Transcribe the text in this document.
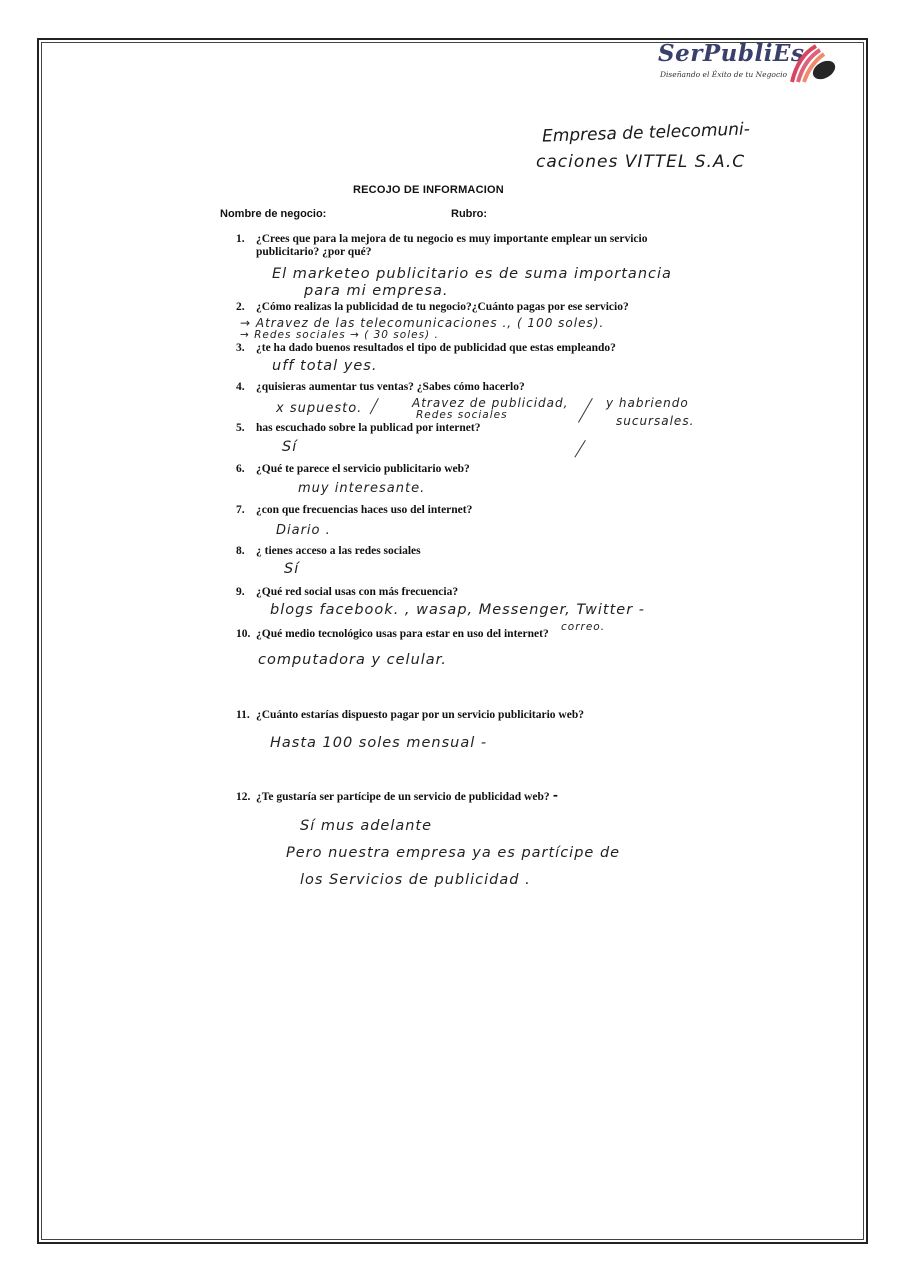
SerPubliEs
Diseñando el Éxito de tu Negocio
Empresa de telecomuni-
caciones VITTEL S.A.C
RECOJO DE INFORMACION
Nombre de negocio:	Rubro:
1. ¿Crees que para la mejora de tu negocio es muy importante emplear un servicio
publicitario? ¿por qué?
El marketeo publicitario es de suma importancia
para mi empresa.
2. ¿Cómo realizas la publicidad de tu negocio?¿Cuánto pagas por ese servicio?
→ Atravez de las telecomunicaciones ., ( 100 soles).
→ Redes sociales → ( 30 soles) .
3. ¿te ha dado buenos resultados el tipo de publicidad que estas empleando?
uff total yes.
4. ¿quisieras aumentar tus ventas? ¿Sabes cómo hacerlo?
x supuesto.	Atravez de publicidad,
Redes sociales
y habriendo
sucursales.
5. has escuchado sobre la publicad por internet?
Sí
6. ¿Qué te parece el servicio publicitario web?
muy interesante.
7. ¿con que frecuencias haces uso del internet?
Diario .
8. ¿ tienes acceso a las redes sociales
Sí
9. ¿Qué red social usas con más frecuencia?
blogs facebook. , wasap, Messenger, Twitter -
correo.
10. ¿Qué medio tecnológico usas para estar en uso del internet?
computadora y celular.
11. ¿Cuánto estarías dispuesto pagar por un servicio publicitario web?
Hasta 100 soles mensual -
12. ¿Te gustaría ser partícipe de un servicio de publicidad web? ⁃
Sí mus adelante
Pero nuestra empresa ya es partícipe de
los Servicios de publicidad .
